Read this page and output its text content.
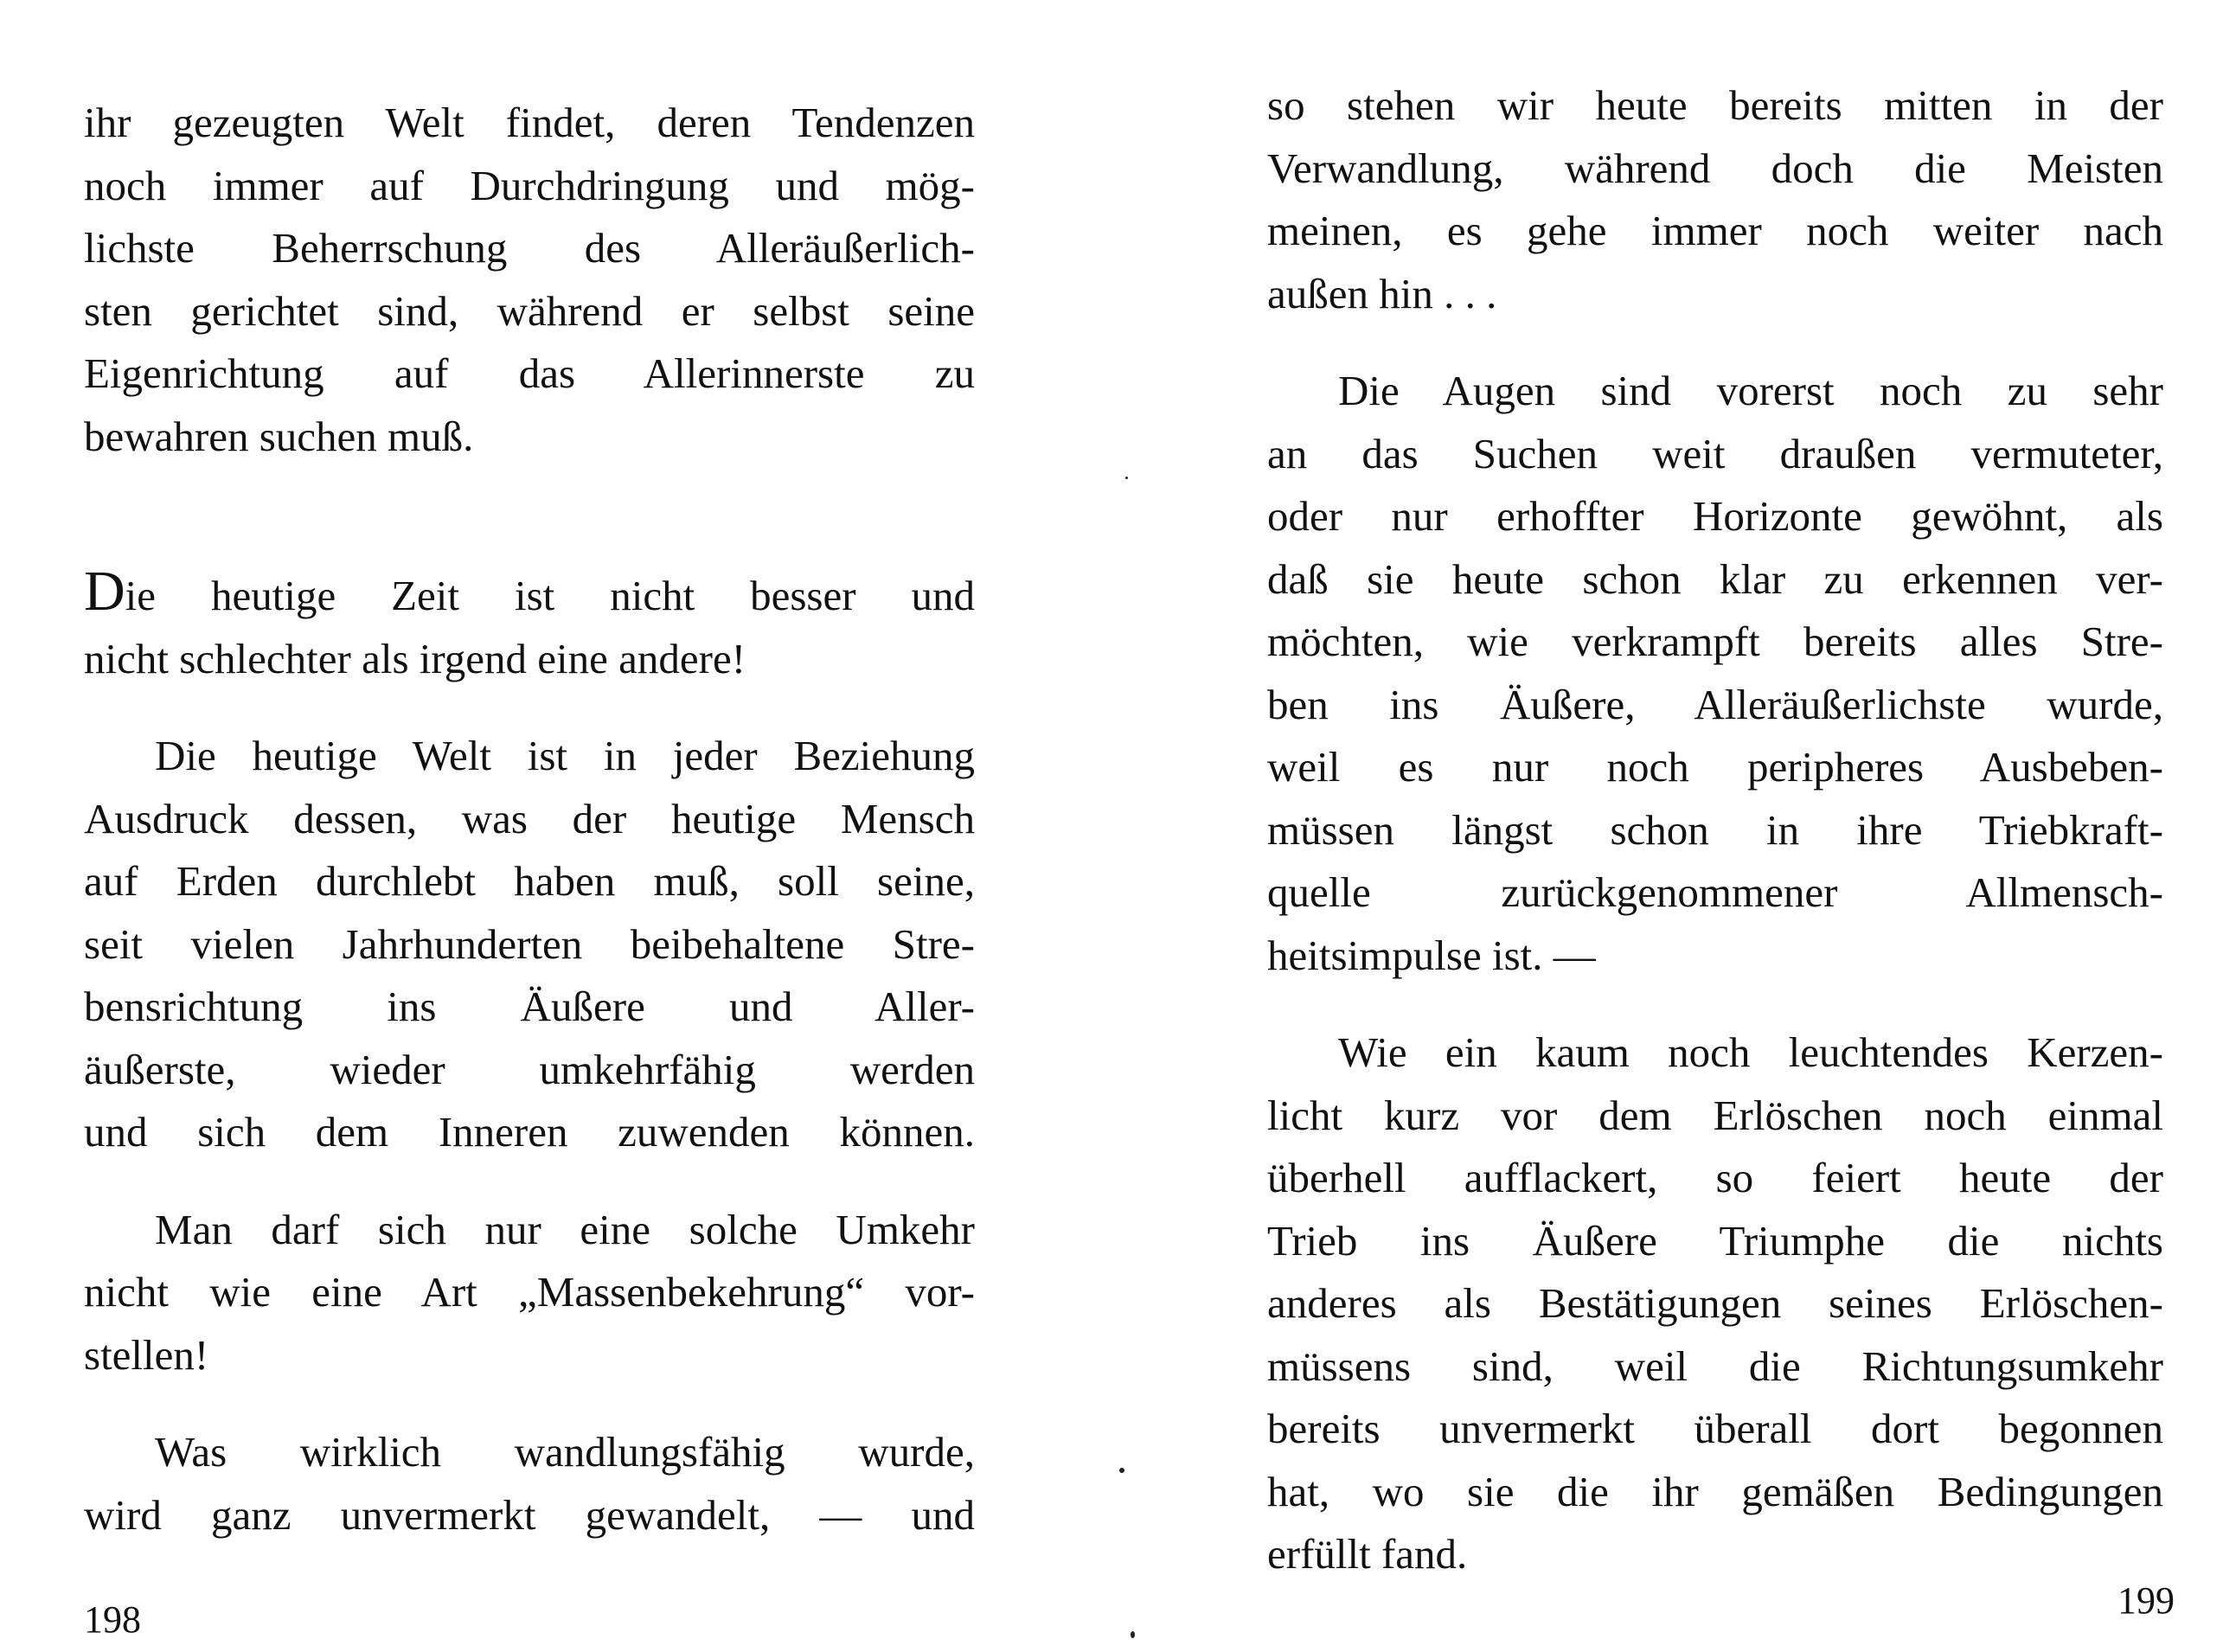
ihr gezeugten Welt findet, deren Tendenzen
noch immer auf Durchdringung und mög-
lichste Beherrschung des Alleräußerlich-
sten gerichtet sind, während er selbst seine
Eigenrichtung auf das Allerinnerste zu
bewahren suchen muß.
Die heutige Zeit ist nicht besser und
nicht schlechter als irgend eine andere!
Die heutige Welt ist in jeder Beziehung
Ausdruck dessen, was der heutige Mensch
auf Erden durchlebt haben muß, soll seine,
seit vielen Jahrhunderten beibehaltene Stre-
bensrichtung ins Äußere und Aller-
äußerste, wieder umkehrfähig werden
und sich dem Inneren zuwenden können.
Man darf sich nur eine solche Umkehr
nicht wie eine Art „Massenbekehrung“ vor-
stellen!
Was wirklich wandlungsfähig wurde,
wird ganz unvermerkt gewandelt, — und
198
so stehen wir heute bereits mitten in der
Verwandlung, während doch die Meisten
meinen, es gehe immer noch weiter nach
außen hin . . .
Die Augen sind vorerst noch zu sehr
an das Suchen weit draußen vermuteter,
oder nur erhoffter Horizonte gewöhnt, als
daß sie heute schon klar zu erkennen ver-
möchten, wie verkrampft bereits alles Stre-
ben ins Äußere, Alleräußerlichste wurde,
weil es nur noch peripheres Ausbeben-
müssen längst schon in ihre Triebkraft-
quelle zurückgenommener Allmensch-
heitsimpulse ist. —
Wie ein kaum noch leuchtendes Kerzen-
licht kurz vor dem Erlöschen noch einmal
überhell aufflackert, so feiert heute der
Trieb ins Äußere Triumphe die nichts
anderes als Bestätigungen seines Erlöschen-
müssens sind, weil die Richtungsumkehr
bereits unvermerkt überall dort begonnen
hat, wo sie die ihr gemäßen Bedingungen
erfüllt fand.
199
